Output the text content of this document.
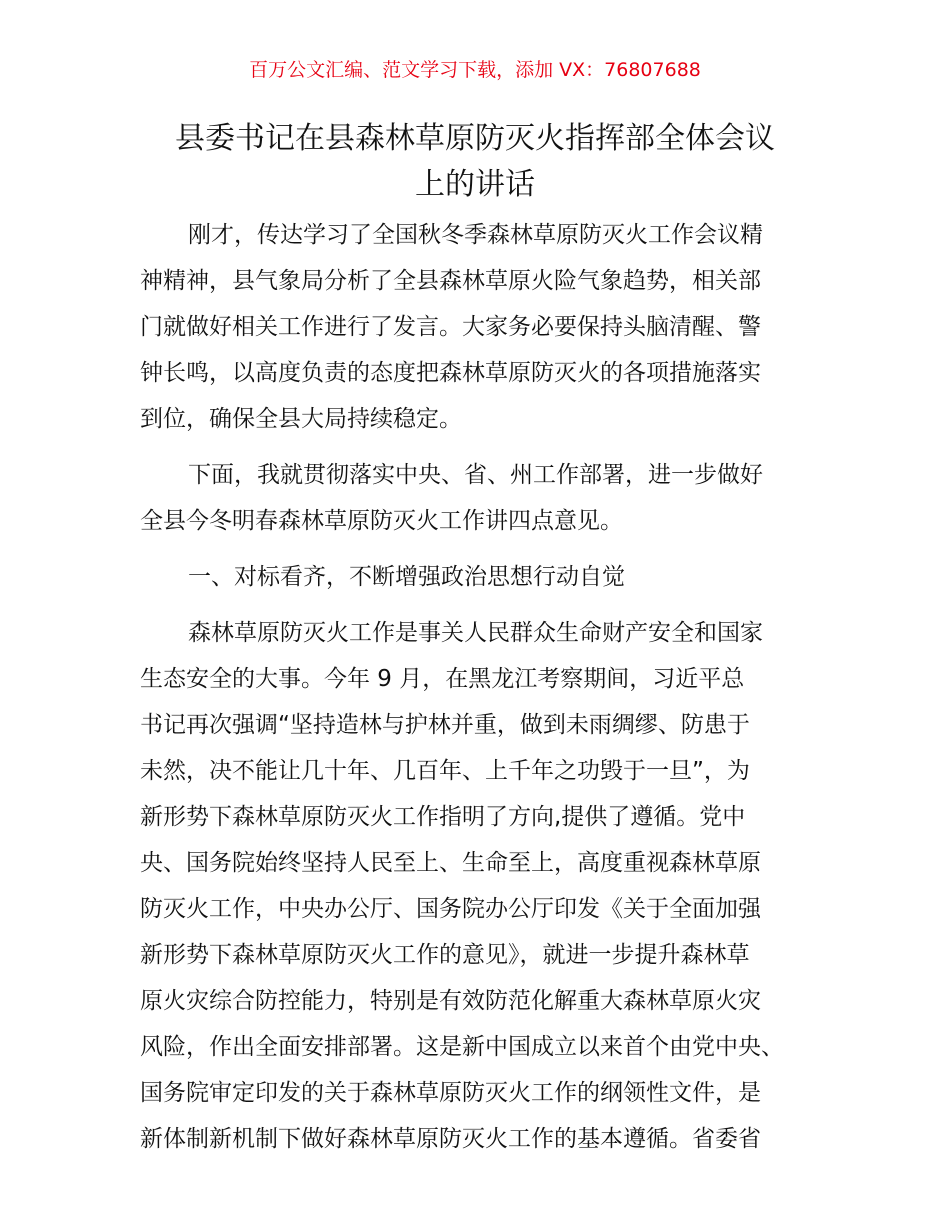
百万公文汇编、范文学习下载，添加 VX：76807688
县委书记在县森林草原防灭火指挥部全体会议
上的讲话
刚才，传达学习了全国秋冬季森林草原防灭火工作会议精
神精神，县气象局分析了全县森林草原火险气象趋势，相关部
门就做好相关工作进行了发言。大家务必要保持头脑清醒、警
钟长鸣，以高度负责的态度把森林草原防灭火的各项措施落实
到位，确保全县大局持续稳定。
下面，我就贯彻落实中央、省、州工作部署，进一步做好
全县今冬明春森林草原防灭火工作讲四点意见。
一、对标看齐，不断增强政治思想行动自觉
森林草原防灭火工作是事关人民群众生命财产安全和国家
生态安全的大事。今年 9 月，在黑龙江考察期间，习近平总
书记再次强调“坚持造林与护林并重，做到未雨绸缪、防患于
未然，决不能让几十年、几百年、上千年之功毁于一旦”，为
新形势下森林草原防灭火工作指明了方向,提供了遵循。党中
央、国务院始终坚持人民至上、生命至上，高度重视森林草原
防灭火工作，中央办公厅、国务院办公厅印发《关于全面加强
新形势下森林草原防灭火工作的意见》，就进一步提升森林草
原火灾综合防控能力，特别是有效防范化解重大森林草原火灾
风险，作出全面安排部署。这是新中国成立以来首个由党中央、
国务院审定印发的关于森林草原防灭火工作的纲领性文件，是
新体制新机制下做好森林草原防灭火工作的基本遵循。省委省
